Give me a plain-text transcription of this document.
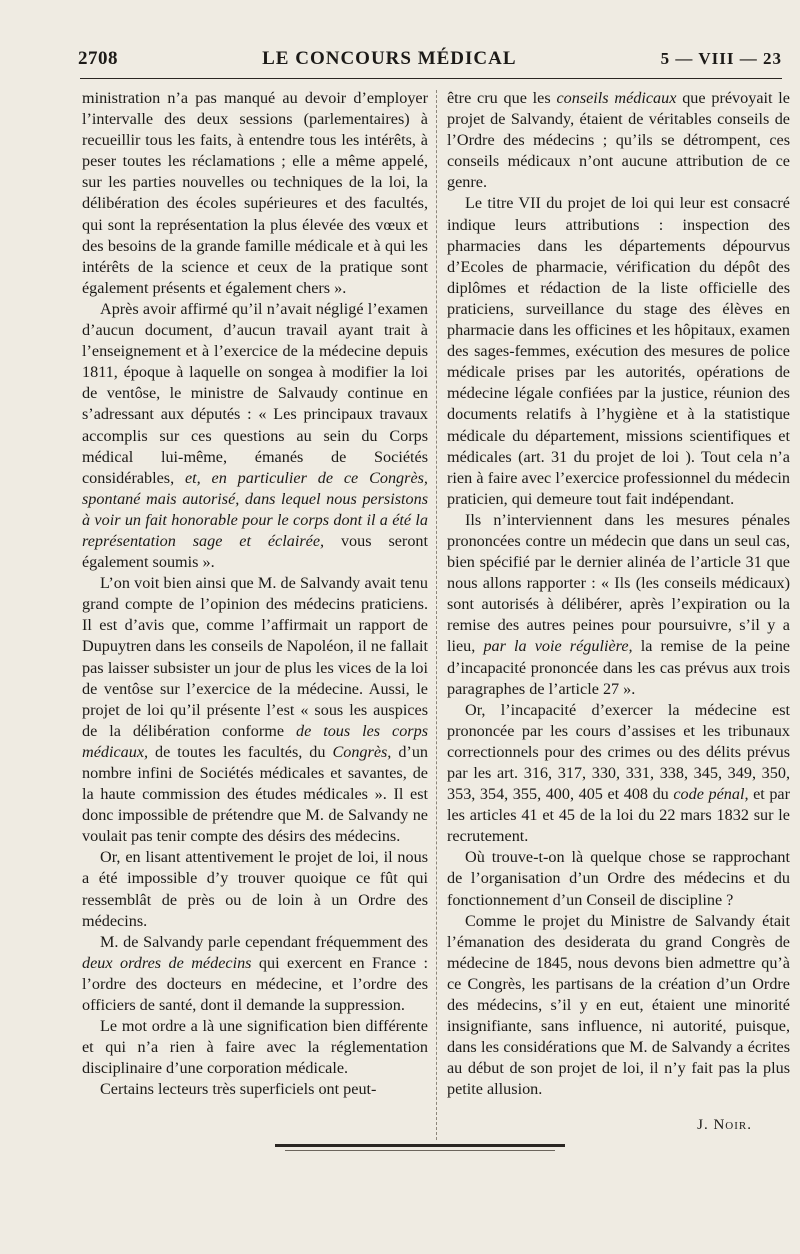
2708	LE CONCOURS MÉDICAL	5 — VIII — 23

ministration n’a pas manqué au devoir d’employer l’intervalle des deux sessions (parlementaires) à recueillir tous les faits, à entendre tous les intérêts, à peser toutes les réclamations ; elle a même appelé, sur les parties nouvelles ou techniques de la loi, la délibération des écoles supérieures et des facultés, qui sont la représentation la plus élevée des vœux et des besoins de la grande famille médicale et à qui les intérêts de la science et ceux de la pratique sont également présents et également chers ».

Après avoir affirmé qu’il n’avait négligé l’examen d’aucun document, d’aucun travail ayant trait à l’enseignement et à l’exercice de la médecine depuis 1811, époque à laquelle on songea à modifier la loi de ventôse, le ministre de Salvaudy continue en s’adressant aux députés : « Les principaux travaux accomplis sur ces questions au sein du Corps médical lui-même, émanés de Sociétés considérables, et, en particulier de ce Congrès, spontané mais autorisé, dans lequel nous persistons à voir un fait honorable pour le corps dont il a été la représentation sage et éclairée, vous seront également soumis ».

L’on voit bien ainsi que M. de Salvandy avait tenu grand compte de l’opinion des médecins praticiens. Il est d’avis que, comme l’affirmait un rapport de Dupuytren dans les conseils de Napoléon, il ne fallait pas laisser subsister un jour de plus les vices de la loi de ventôse sur l’exercice de la médecine. Aussi, le projet de loi qu’il présente l’est « sous les auspices de la délibération conforme de tous les corps médicaux, de toutes les facultés, du Congrès, d’un nombre infini de Sociétés médicales et savantes, de la haute commission des études médicales ». Il est donc impossible de prétendre que M. de Salvandy ne voulait pas tenir compte des désirs des médecins.

Or, en lisant attentivement le projet de loi, il nous a été impossible d’y trouver quoique ce fût qui ressemblât de près ou de loin à un Ordre des médecins.

M. de Salvandy parle cependant fréquemment des deux ordres de médecins qui exercent en France : l’ordre des docteurs en médecine, et l’ordre des officiers de santé, dont il demande la suppression.

Le mot ordre a là une signification bien différente et qui n’a rien à faire avec la réglementation disciplinaire d’une corporation médicale.

Certains lecteurs très superficiels ont peut-

être cru que les conseils médicaux que prévoyait le projet de Salvandy, étaient de véritables conseils de l’Ordre des médecins ; qu’ils se détrompent, ces conseils médicaux n’ont aucune attribution de ce genre.

Le titre VII du projet de loi qui leur est consacré indique leurs attributions : inspection des pharmacies dans les départements dépourvus d’Ecoles de pharmacie, vérification du dépôt des diplômes et rédaction de la liste officielle des praticiens, surveillance du stage des élèves en pharmacie dans les officines et les hôpitaux, examen des sages-femmes, exécution des mesures de police médicale prises par les autorités, opérations de médecine légale confiées par la justice, réunion des documents relatifs à l’hygiène et à la statistique médicale du département, missions scientifiques et médicales (art. 31 du projet de loi ). Tout cela n’a rien à faire avec l’exercice professionnel du médecin praticien, qui demeure tout fait indépendant.

Ils n’interviennent dans les mesures pénales prononcées contre un médecin que dans un seul cas, bien spécifié par le dernier alinéa de l’article 31 que nous allons rapporter : « Ils (les conseils médicaux) sont autorisés à délibérer, après l’expiration ou la remise des autres peines pour poursuivre, s’il y a lieu, par la voie régulière, la remise de la peine d’incapacité prononcée dans les cas prévus aux trois paragraphes de l’article 27 ».

Or, l’incapacité d’exercer la médecine est prononcée par les cours d’assises et les tribunaux correctionnels pour des crimes ou des délits prévus par les art. 316, 317, 330, 331, 338, 345, 349, 350, 353, 354, 355, 400, 405 et 408 du code pénal, et par les articles 41 et 45 de la loi du 22 mars 1832 sur le recrutement.

Où trouve-t-on là quelque chose se rapprochant de l’organisation d’un Ordre des médecins et du fonctionnement d’un Conseil de discipline ?

Comme le projet du Ministre de Salvandy était l’émanation des desiderata du grand Congrès de médecine de 1845, nous devons bien admettre qu’à ce Congrès, les partisans de la création d’un Ordre des médecins, s’il y en eut, étaient une minorité insignifiante, sans influence, ni autorité, puisque, dans les considérations que M. de Salvandy a écrites au début de son projet de loi, il n’y fait pas la plus petite allusion.

J. Noir.
